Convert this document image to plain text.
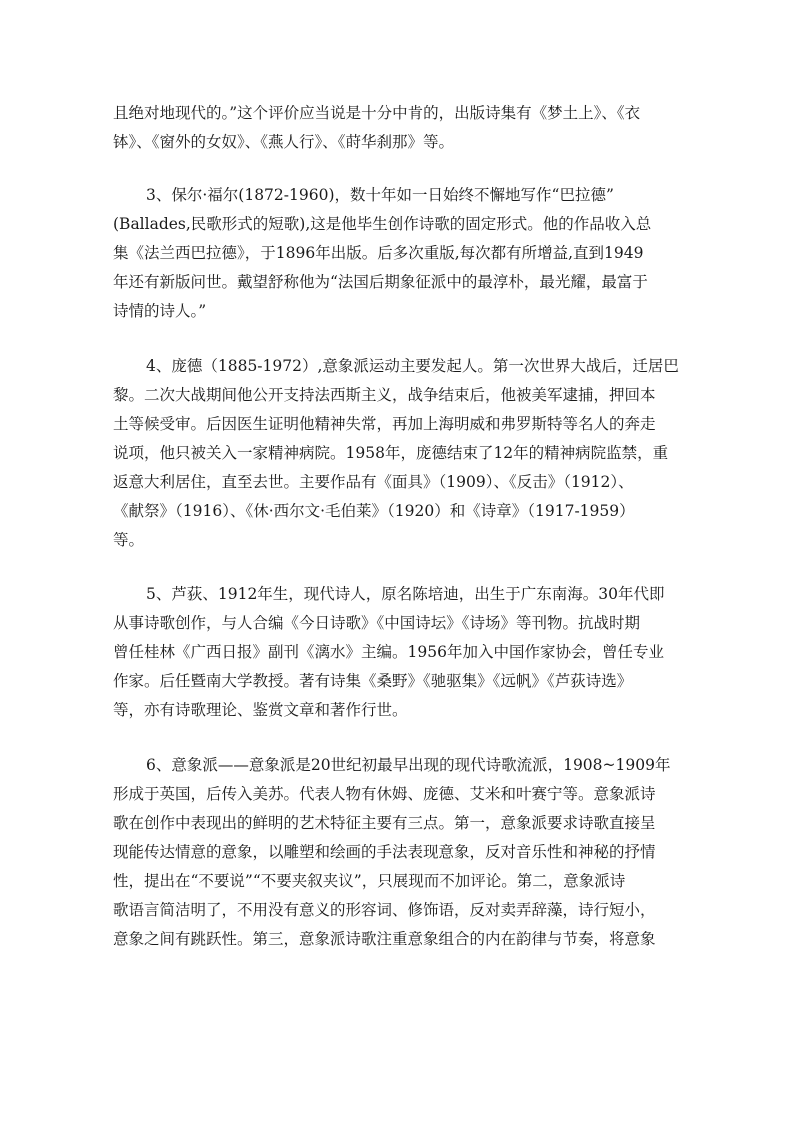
且绝对地现代的。”这个评价应当说是十分中肯的，出版诗集有《梦土上》、《衣
钵》、《窗外的女奴》、《燕人行》、《莳华刹那》等。
3、保尔·福尔(1872-1960)，数十年如一日始终不懈地写作“巴拉德”
(Ballades,民歌形式的短歌),这是他毕生创作诗歌的固定形式。他的作品收入总
集《法兰西巴拉德》，于1896年出版。后多次重版,每次都有所增益,直到1949
年还有新版问世。戴望舒称他为“法国后期象征派中的最淳朴，最光耀，最富于
诗情的诗人。”
4、庞德（1885-1972）,意象派运动主要发起人。第一次世界大战后，迁居巴
黎。二次大战期间他公开支持法西斯主义，战争结束后，他被美军逮捕，押回本
土等候受审。后因医生证明他精神失常，再加上海明威和弗罗斯特等名人的奔走
说项，他只被关入一家精神病院。1958年，庞德结束了12年的精神病院监禁，重
返意大利居住，直至去世。主要作品有《面具》（1909）、《反击》（1912）、
《献祭》（1916）、《休·西尔文·毛伯莱》（1920）和《诗章》（1917-1959）
等。
5、芦荻、1912年生，现代诗人，原名陈培迪，出生于广东南海。30年代即
从事诗歌创作，与人合编《今日诗歌》《中国诗坛》《诗场》等刊物。抗战时期
曾任桂林《广西日报》副刊《漓水》主编。1956年加入中国作家协会，曾任专业
作家。后任暨南大学教授。著有诗集《桑野》《驰驱集》《远帆》《芦荻诗选》
等，亦有诗歌理论、鉴赏文章和著作行世。
6、意象派——意象派是20世纪初最早出现的现代诗歌流派，1908~1909年
形成于英国，后传入美苏。代表人物有休姆、庞德、艾米和叶赛宁等。意象派诗
歌在创作中表现出的鲜明的艺术特征主要有三点。第一，意象派要求诗歌直接呈
现能传达情意的意象，以雕塑和绘画的手法表现意象，反对音乐性和神秘的抒情
性，提出在“不要说”“不要夹叙夹议”，只展现而不加评论。第二，意象派诗
歌语言简洁明了，不用没有意义的形容词、修饰语，反对卖弄辞藻，诗行短小，
意象之间有跳跃性。第三，意象派诗歌注重意象组合的内在韵律与节奏，将意象
